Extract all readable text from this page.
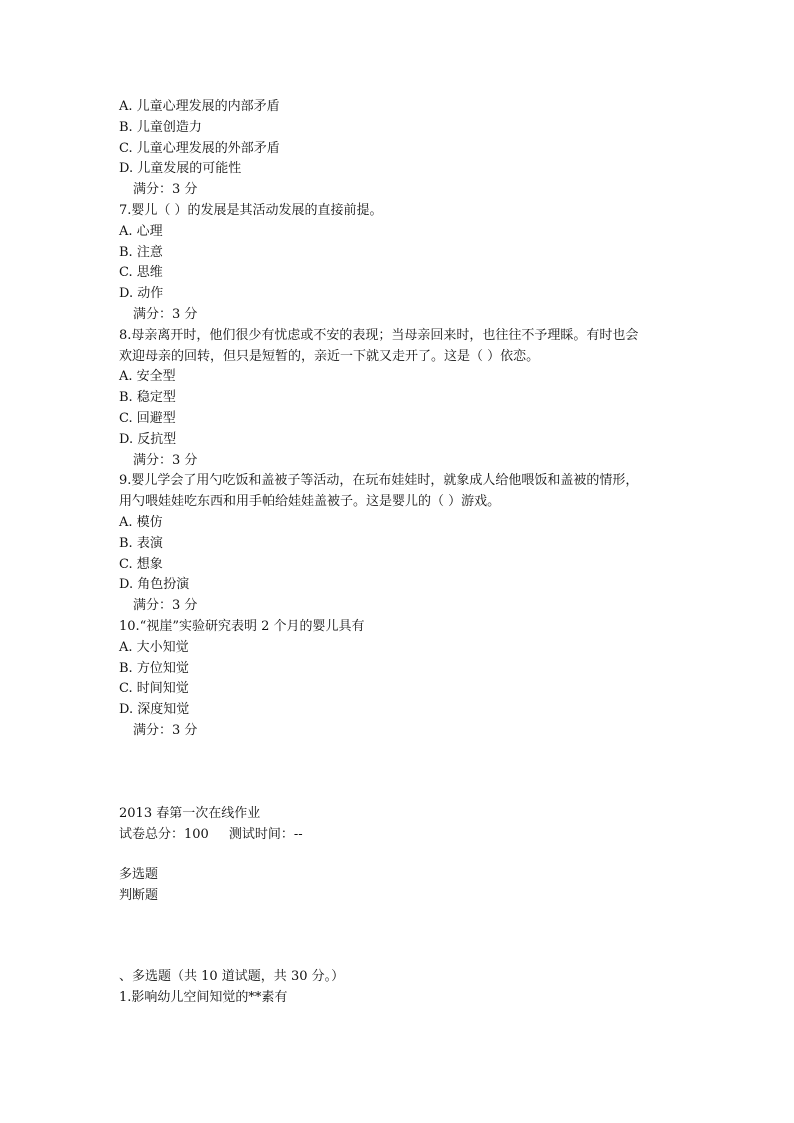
A. 儿童心理发展的内部矛盾
B. 儿童创造力
C. 儿童心理发展的外部矛盾
D. 儿童发展的可能性
满分：3 分
7.婴儿（ ）的发展是其活动发展的直接前提。
A. 心理
B. 注意
C. 思维
D. 动作
满分：3 分
8.母亲离开时，他们很少有忧虑或不安的表现；当母亲回来时，也往往不予理睬。有时也会
欢迎母亲的回转，但只是短暂的，亲近一下就又走开了。这是（ ）依恋。
A. 安全型
B. 稳定型
C. 回避型
D. 反抗型
满分：3 分
9.婴儿学会了用勺吃饭和盖被子等活动，在玩布娃娃时，就象成人给他喂饭和盖被的情形，
用勺喂娃娃吃东西和用手帕给娃娃盖被子。这是婴儿的（ ）游戏。
A. 模仿
B. 表演
C. 想象
D. 角色扮演
满分：3 分
10.“视崖”实验研究表明 2 个月的婴儿具有
A. 大小知觉
B. 方位知觉
C. 时间知觉
D. 深度知觉
满分：3 分
2013 春第一次在线作业
试卷总分：100 测试时间：--
多选题
判断题
、多选题（共 10 道试题，共 30 分。）
1.影响幼儿空间知觉的**素有
